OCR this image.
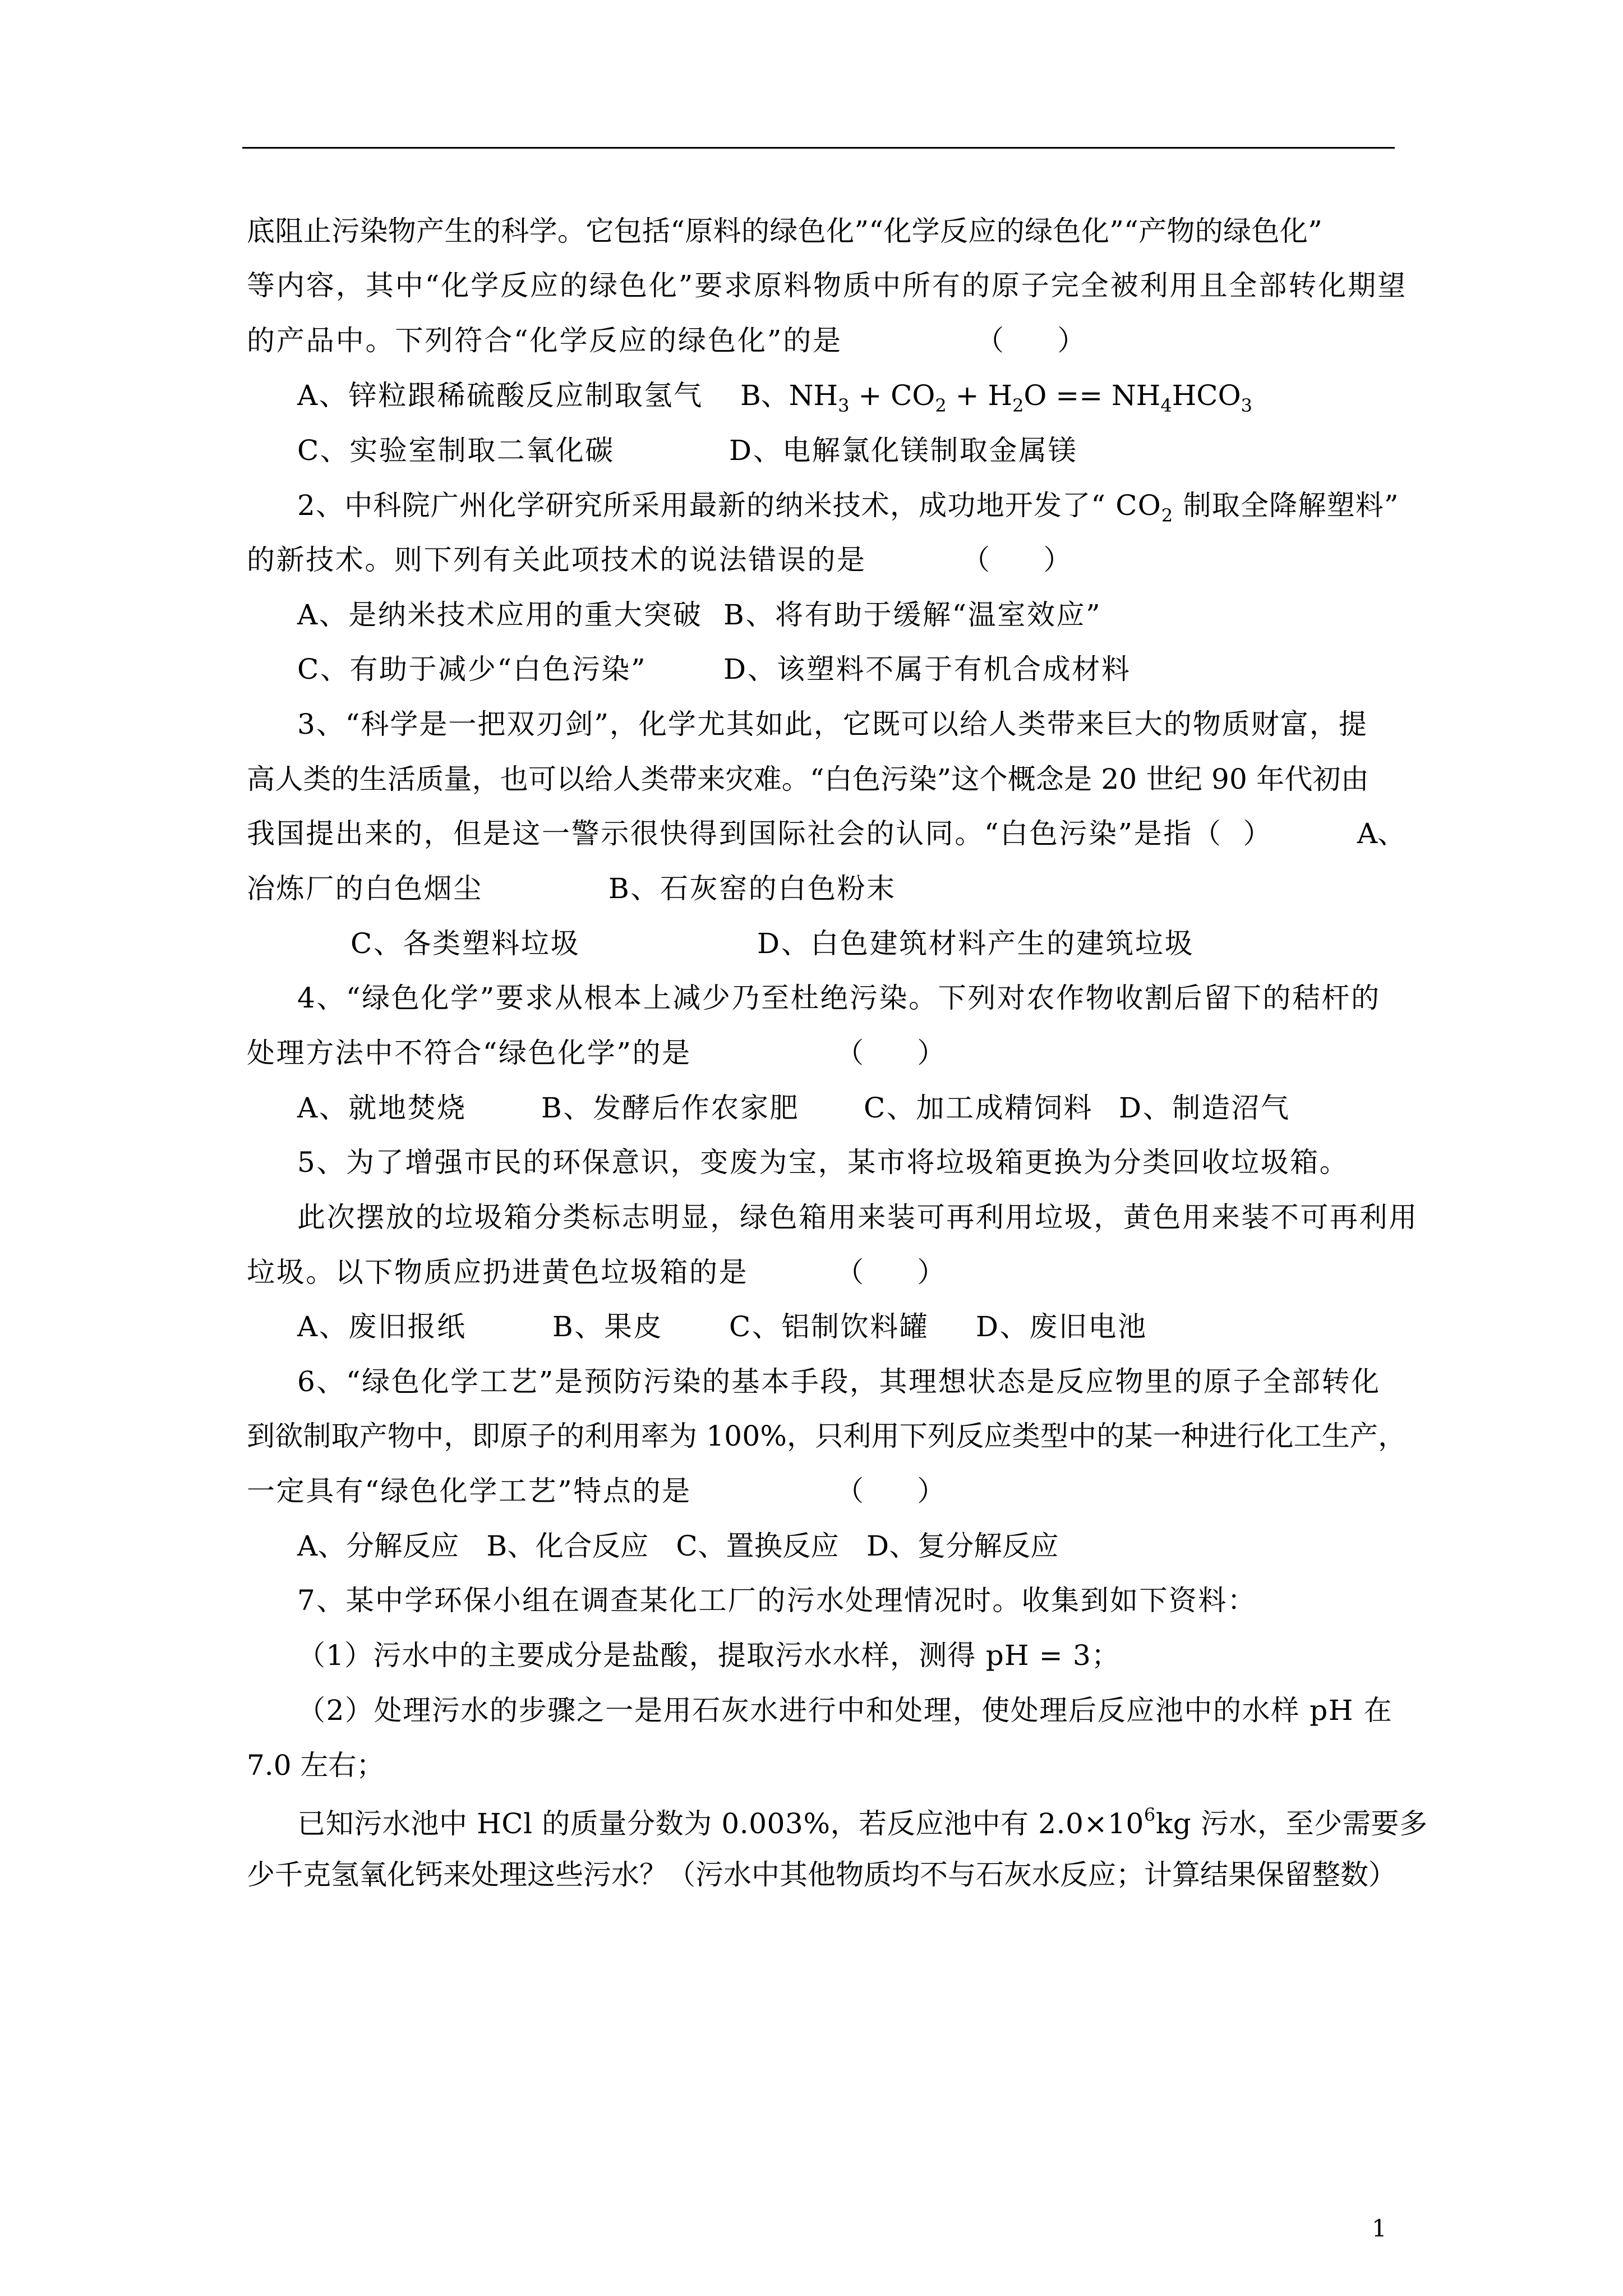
底阻止污染物产生的科学。它包括“原料的绿色化”“化学反应的绿色化”“产物的绿色化”
等内容，其中“化学反应的绿色化”要求原料物质中所有的原子完全被利用且全部转化期望
的产品中。下列符合“化学反应的绿色化”的是	（      ）
A、锌粒跟稀硫酸反应制取氢气 B、$NH_3 + CO_2 + H_2O == NH_4HCO_3$
C、实验室制取二氧化碳	D、电解氯化镁制取金属镁
2、中科院广州化学研究所采用最新的纳米技术，成功地开发了“ $CO_2$ 制取全降解塑料”
的新技术。则下列有关此项技术的说法错误的是	（      ）
A、是纳米技术应用的重大突破 B、将有助于缓解“温室效应”
C、有助于减少“白色污染”	D、该塑料不属于有机合成材料
3、“科学是一把双刃剑”，化学尤其如此，它既可以给人类带来巨大的物质财富，提
高人类的生活质量，也可以给人类带来灾难。“白色污染”这个概念是 20 世纪 90 年代初由
我国提出来的，但是这一警示很快得到国际社会的认同。“白色污染”是指（  ）	A、
冶炼厂的白色烟尘	B、石灰窑的白色粉末
C、各类塑料垃圾	D、白色建筑材料产生的建筑垃圾
4、“绿色化学”要求从根本上减少乃至杜绝污染。下列对农作物收割后留下的秸杆的
处理方法中不符合“绿色化学”的是	（      ）
A、就地焚烧	B、发酵后作农家肥 C、加工成精饲料 D、制造沼气
5、为了增强市民的环保意识，变废为宝，某市将垃圾箱更换为分类回收垃圾箱。
此次摆放的垃圾箱分类标志明显，绿色箱用来装可再利用垃圾，黄色用来装不可再利用
垃圾。以下物质应扔进黄色垃圾箱的是	（      ）
A、废旧报纸	B、果皮 C、铝制饮料罐 D、废旧电池
6、“绿色化学工艺”是预防污染的基本手段，其理想状态是反应物里的原子全部转化
到欲制取产物中，即原子的利用率为 100%，只利用下列反应类型中的某一种进行化工生产，
一定具有“绿色化学工艺”特点的是	（      ）
A、分解反应   B、化合反应   C、置换反应   D、复分解反应
7、某中学环保小组在调查某化工厂的污水处理情况时。收集到如下资料：
（1）污水中的主要成分是盐酸，提取污水水样，测得 pH = 3；
（2）处理污水的步骤之一是用石灰水进行中和处理，使处理后反应池中的水样 pH 在
7.0 左右；
已知污水池中 HCl 的质量分数为 0.003%，若反应池中有 $2.0\times 10^6kg$ 污水，至少需要多
少千克氢氧化钙来处理这些污水？（污水中其他物质均不与石灰水反应；计算结果保留整数）
1
